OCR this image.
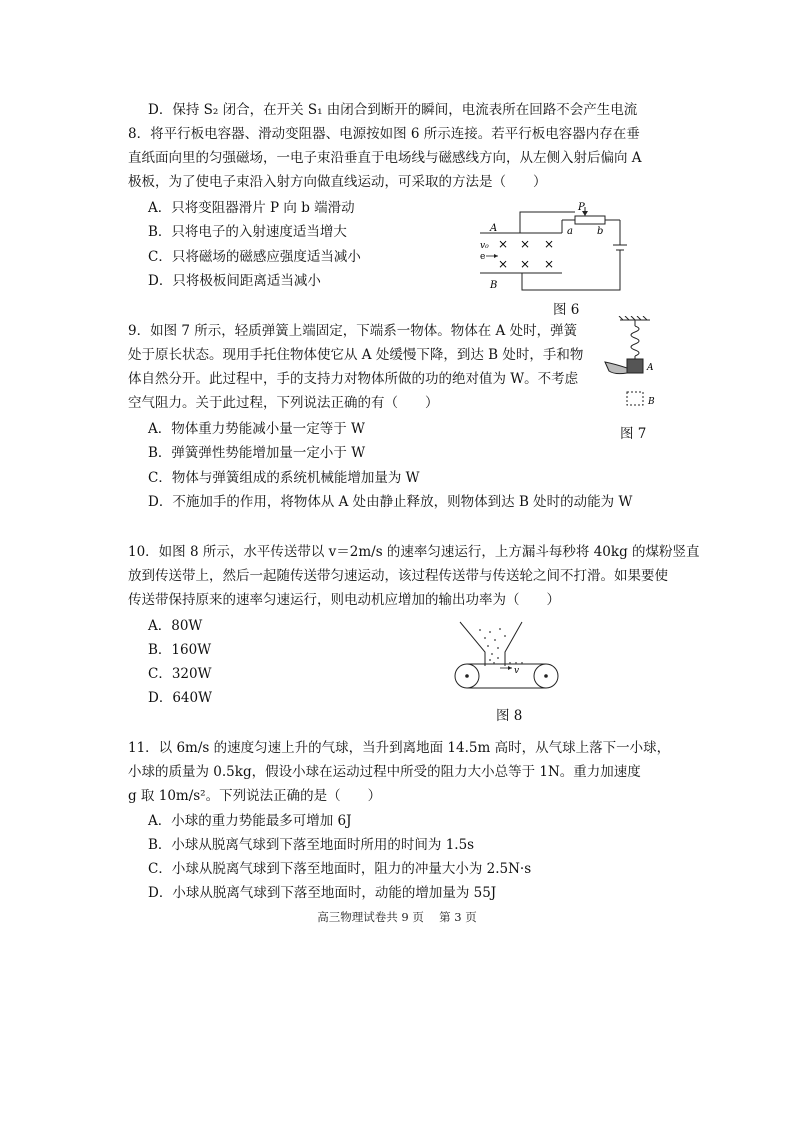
D．保持 S₂ 闭合，在开关 S₁ 由闭合到断开的瞬间，电流表所在回路不会产生电流
8．将平行板电容器、滑动变阻器、电源按如图 6 所示连接。若平行板电容器内存在垂
直纸面向里的匀强磁场，一电子束沿垂直于电场线与磁感线方向，从左侧入射后偏向 A
极板，为了使电子束沿入射方向做直线运动，可采取的方法是（　　）
A．只将变阻器滑片 P 向 b 端滑动
B．只将电子的入射速度适当增大
C．只将磁场的磁感应强度适当减小
D．只将极板间距离适当减小
9．如图 7 所示，轻质弹簧上端固定，下端系一物体。物体在 A 处时，弹簧
处于原长状态。现用手托住物体使它从 A 处缓慢下降，到达 B 处时，手和物
体自然分开。此过程中，手的支持力对物体所做的功的绝对值为 W。不考虑
空气阻力。关于此过程，下列说法正确的有（　　）
A．物体重力势能减小量一定等于 W
B．弹簧弹性势能增加量一定小于 W
C．物体与弹簧组成的系统机械能增加量为 W
D．不施加手的作用，将物体从 A 处由静止释放，则物体到达 B 处时的动能为 W
10．如图 8 所示，水平传送带以 v＝2m/s 的速率匀速运行，上方漏斗每秒将 40kg 的煤粉竖直
放到传送带上，然后一起随传送带匀速运动，该过程传送带与传送轮之间不打滑。如果要使
传送带保持原来的速率匀速运行，则电动机应增加的输出功率为（　　）
A．80W
B．160W
C．320W
D．640W
11．以 6m/s 的速度匀速上升的气球，当升到离地面 14.5m 高时，从气球上落下一小球，
小球的质量为 0.5kg，假设小球在运动过程中所受的阻力大小总等于 1N。重力加速度
g 取 10m/s²。下列说法正确的是（　　）
A．小球的重力势能最多可增加 6J
B．小球从脱离气球到下落至地面时所用的时间为 1.5s
C．小球从脱离气球到下落至地面时，阻力的冲量大小为 2.5N·s
D．小球从脱离气球到下落至地面时，动能的增加量为 55J
P
a b
A
B
v₀
e
× × ×
× × ×
图 6
A
B
图 7
v
图 8
高三物理试卷共 9 页　 第 3 页
